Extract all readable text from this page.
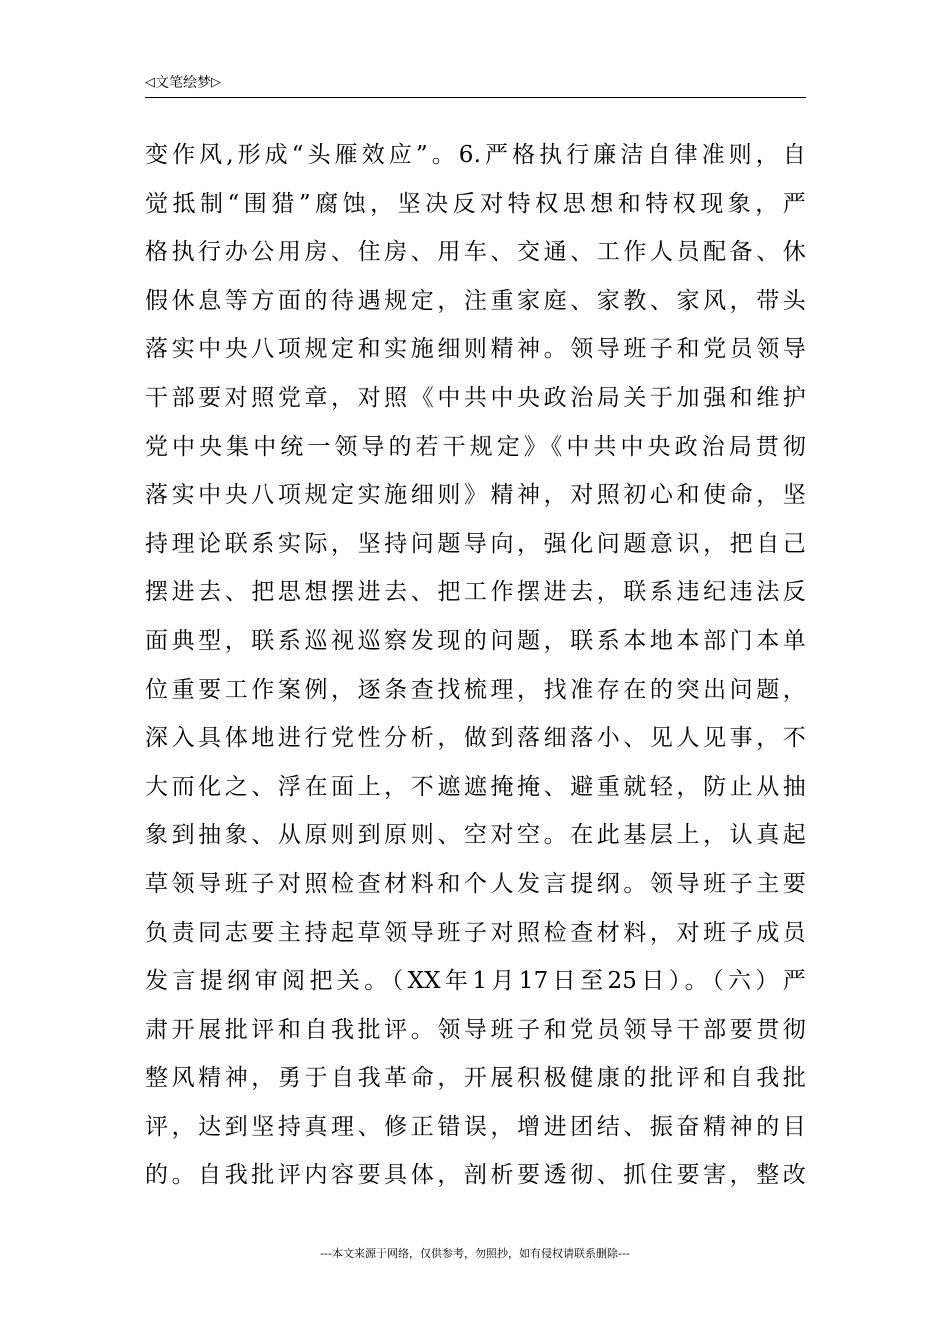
◁ 文笔绘梦 ▷
变作风,形成“头雁效应”。6.严格执行廉洁自律准则，自
觉抵制“围猎”腐蚀，坚决反对特权思想和特权现象，严
格执行办公用房、住房、用车、交通、工作人员配备、休
假休息等方面的待遇规定，注重家庭、家教、家风，带头
落实中央八项规定和实施细则精神。领导班子和党员领导
干部要对照党章，对照《中共中央政治局关于加强和维护
党中央集中统一领导的若干规定》《中共中央政治局贯彻
落实中央八项规定实施细则》精神，对照初心和使命，坚
持理论联系实际，坚持问题导向，强化问题意识，把自己
摆进去、把思想摆进去、把工作摆进去，联系违纪违法反
面典型，联系巡视巡察发现的问题，联系本地本部门本单
位重要工作案例，逐条查找梳理，找准存在的突出问题，
深入具体地进行党性分析，做到落细落小、见人见事，不
大而化之、浮在面上，不遮遮掩掩、避重就轻，防止从抽
象到抽象、从原则到原则、空对空。在此基层上，认真起
草领导班子对照检查材料和个人发言提纲。领导班子主要
负责同志要主持起草领导班子对照检查材料，对班子成员
发言提纲审阅把关。（XX年1月17日至25日）。（六）严
肃开展批评和自我批评。领导班子和党员领导干部要贯彻
整风精神，勇于自我革命，开展积极健康的批评和自我批
评，达到坚持真理、修正错误，增进团结、振奋精神的目
的。自我批评内容要具体，剖析要透彻、抓住要害，整改
---本文来源于网络，仅供参考，勿照抄，如有侵权请联系删除---
